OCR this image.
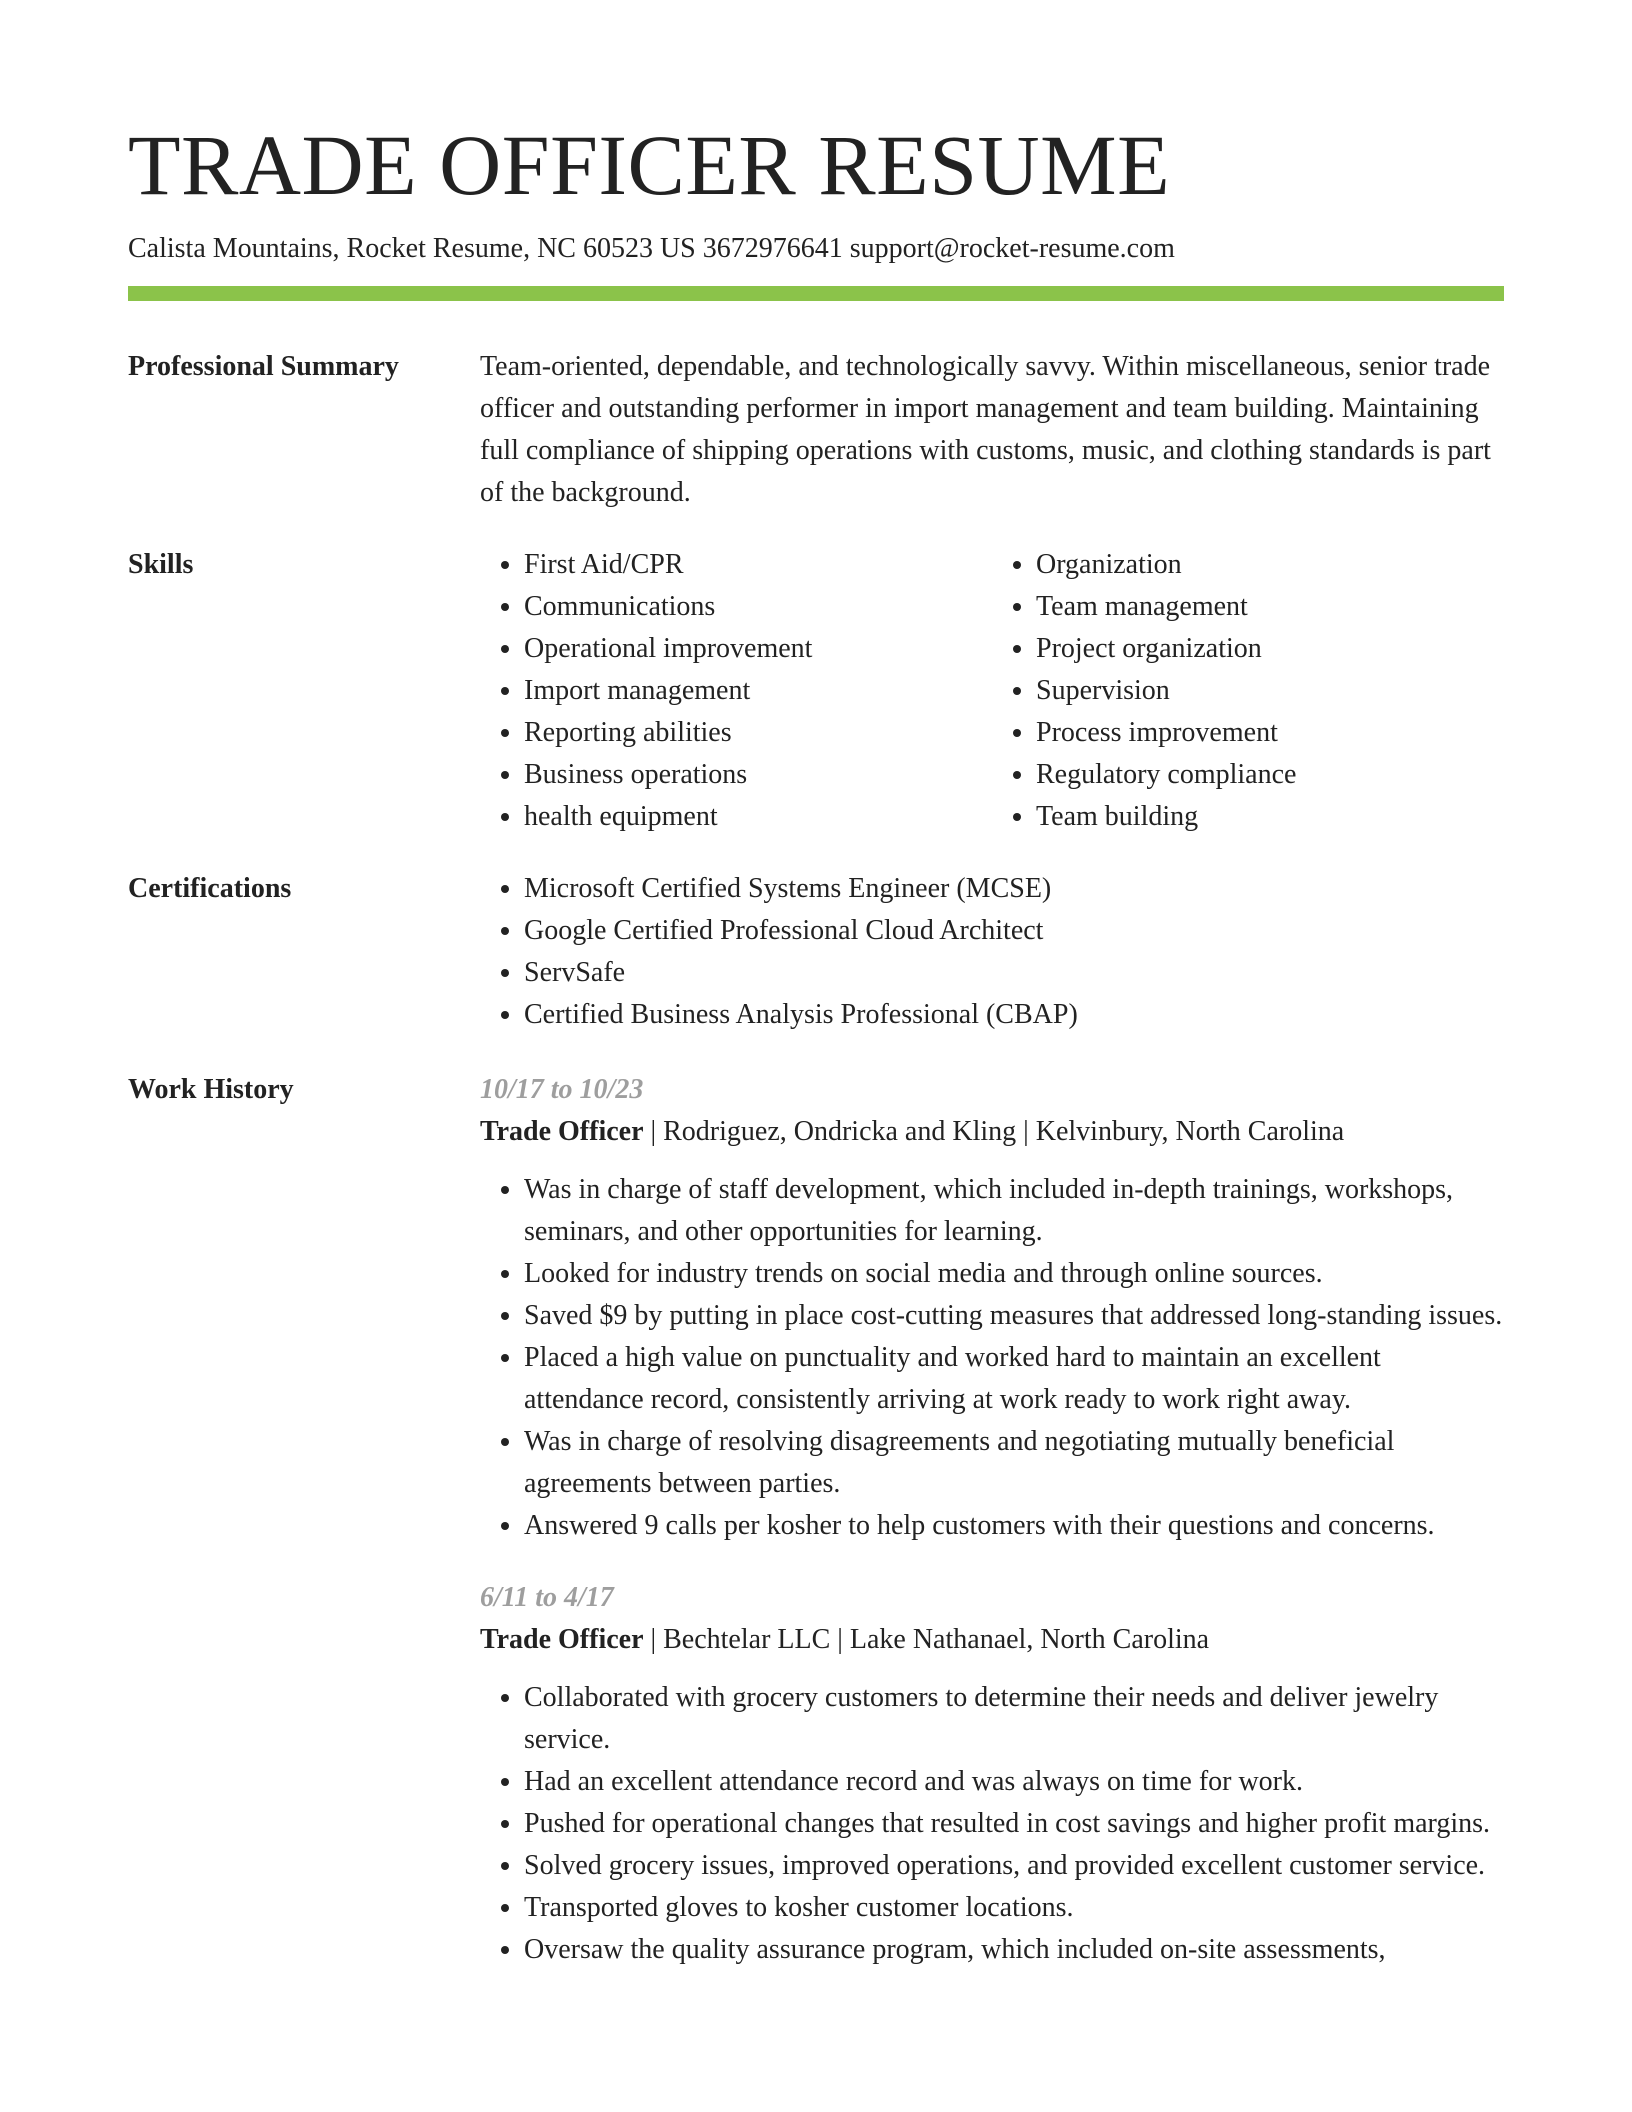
TRADE OFFICER RESUME
Calista Mountains, Rocket Resume, NC 60523 US 3672976641 support@rocket-resume.com
Professional Summary	Team-oriented, dependable, and technologically savvy. Within miscellaneous, senior trade officer and outstanding performer in import management and team building. Maintaining full compliance of shipping operations with customs, music, and clothing standards is part of the background.

Skills	• First Aid/CPR
• Communications
• Operational improvement
• Import management
• Reporting abilities
• Business operations
• health equipment
• Organization
• Team management
• Project organization
• Supervision
• Process improvement
• Regulatory compliance
• Team building
Certifications	• Microsoft Certified Systems Engineer (MCSE)
• Google Certified Professional Cloud Architect
• ServSafe
• Certified Business Analysis Professional (CBAP)
Work History	10/17 to 10/23
Trade Officer | Rodriguez, Ondricka and Kling | Kelvinbury, North Carolina
• Was in charge of staff development, which included in-depth trainings, workshops, seminars, and other opportunities for learning.
• Looked for industry trends on social media and through online sources.
• Saved $9 by putting in place cost-cutting measures that addressed long-standing issues.
• Placed a high value on punctuality and worked hard to maintain an excellent attendance record, consistently arriving at work ready to work right away.
• Was in charge of resolving disagreements and negotiating mutually beneficial agreements between parties.
• Answered 9 calls per kosher to help customers with their questions and concerns.
6/11 to 4/17
Trade Officer | Bechtelar LLC | Lake Nathanael, North Carolina
• Collaborated with grocery customers to determine their needs and deliver jewelry service.
• Had an excellent attendance record and was always on time for work.
• Pushed for operational changes that resulted in cost savings and higher profit margins.
• Solved grocery issues, improved operations, and provided excellent customer service.
• Transported gloves to kosher customer locations.
• Oversaw the quality assurance program, which included on-site assessments,
